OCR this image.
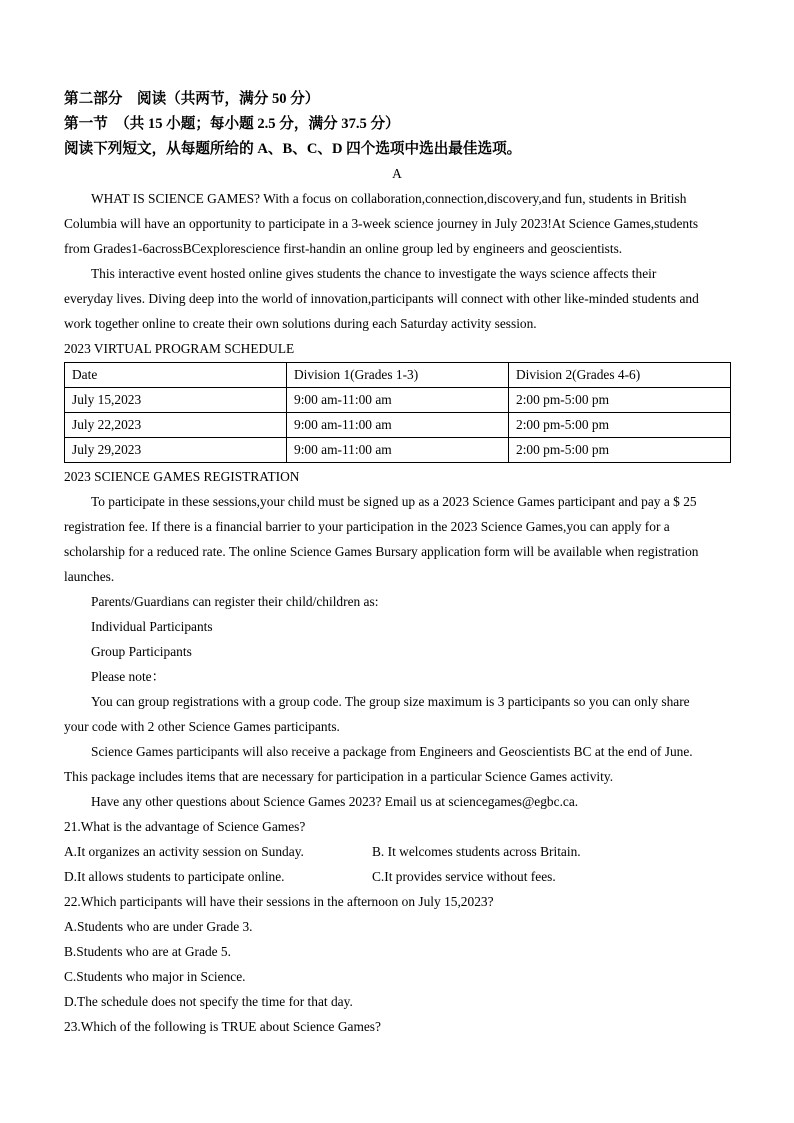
第二部分　阅读（共两节，满分 50 分）
第一节　（共 15 小题；每小题 2.5 分，满分 37.5 分）
阅读下列短文，从每题所给的 A、B、C、D 四个选项中选出最佳选项。
A
WHAT IS SCIENCE GAMES? With a focus on collaboration,connection,discovery,and fun, students in British
Columbia will have an opportunity to participate in a 3-week science journey in July 2023!At Science Games,students
from Grades1-6acrossBCexplorescience first-handin an online group led by engineers and geoscientists.
This interactive event hosted online gives students the chance to investigate the ways science affects their
everyday lives. Diving deep into the world of innovation,participants will connect with other like-minded students and
work together online to create their own solutions during each Saturday activity session.
2023 VIRTUAL PROGRAM SCHEDULE
Date	Division 1(Grades 1-3)	Division 2(Grades 4-6)
July 15,2023	9:00 am-11:00 am	2:00 pm-5:00 pm
July 22,2023	9:00 am-11:00 am	2:00 pm-5:00 pm
July 29,2023	9:00 am-11:00 am	2:00 pm-5:00 pm
2023 SCIENCE GAMES REGISTRATION
To participate in these sessions,your child must be signed up as a 2023 Science Games participant and pay a $ 25
registration fee. If there is a financial barrier to your participation in the 2023 Science Games,you can apply for a
scholarship for a reduced rate. The online Science Games Bursary application form will be available when registration
launches.
Parents/Guardians can register their child/children as:
Individual Participants
Group Participants
Please note：
You can group registrations with a group code. The group size maximum is 3 participants so you can only share
your code with 2 other Science Games participants.
Science Games participants will also receive a package from Engineers and Geoscientists BC at the end of June.
This package includes items that are necessary for participation in a particular Science Games activity.
Have any other questions about Science Games 2023? Email us at sciencegames@egbc.ca.
21.What is the advantage of Science Games?
A.It organizes an activity session on Sunday.	B. It welcomes students across Britain.
D.It allows students to participate online.	C.It provides service without fees.
22.Which participants will have their sessions in the afternoon on July 15,2023?
A.Students who are under Grade 3.
B.Students who are at Grade 5.
C.Students who major in Science.
D.The schedule does not specify the time for that day.
23.Which of the following is TRUE about Science Games?
